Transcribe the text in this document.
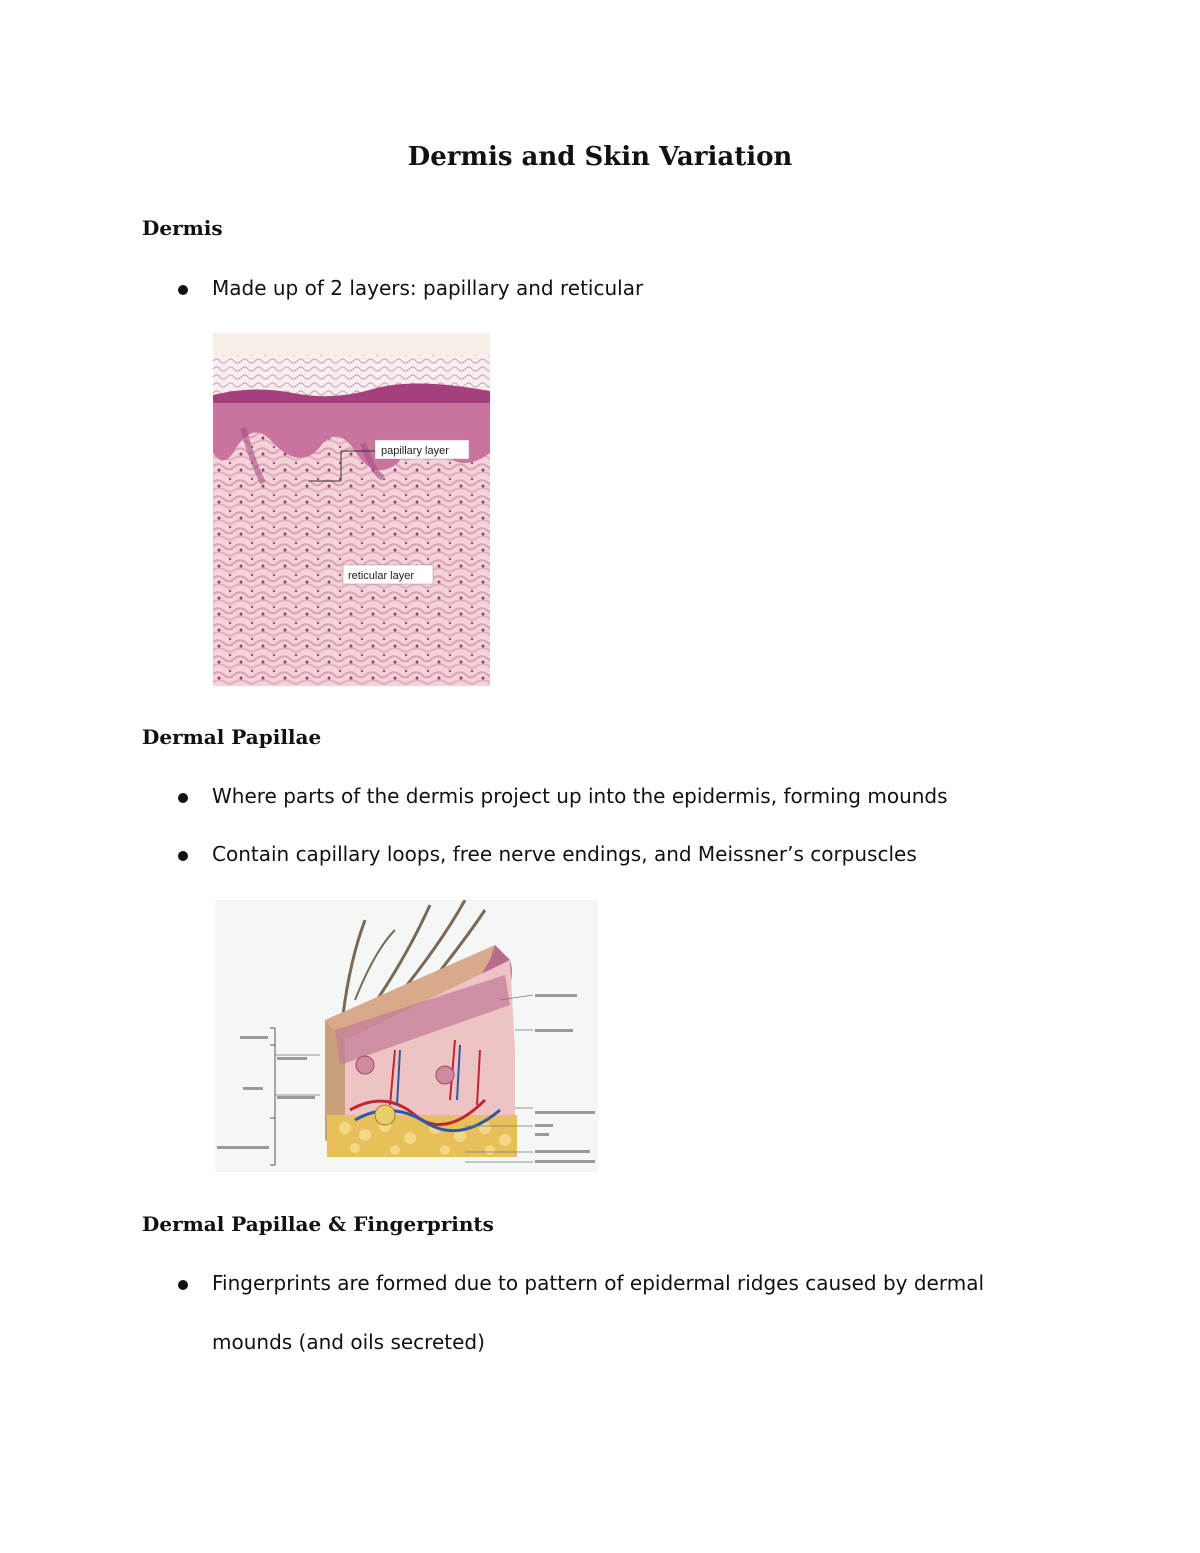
Dermis and Skin Variation
Dermis
Made up of 2 layers: papillary and reticular
papillary layer
reticular layer
Dermal Papillae
Where parts of the dermis project up into the epidermis, forming mounds
Contain capillary loops, free nerve endings, and Meissner’s corpuscles
Dermal Papillae & Fingerprints
Fingerprints are formed due to pattern of epidermal ridges caused by dermal
mounds (and oils secreted)
